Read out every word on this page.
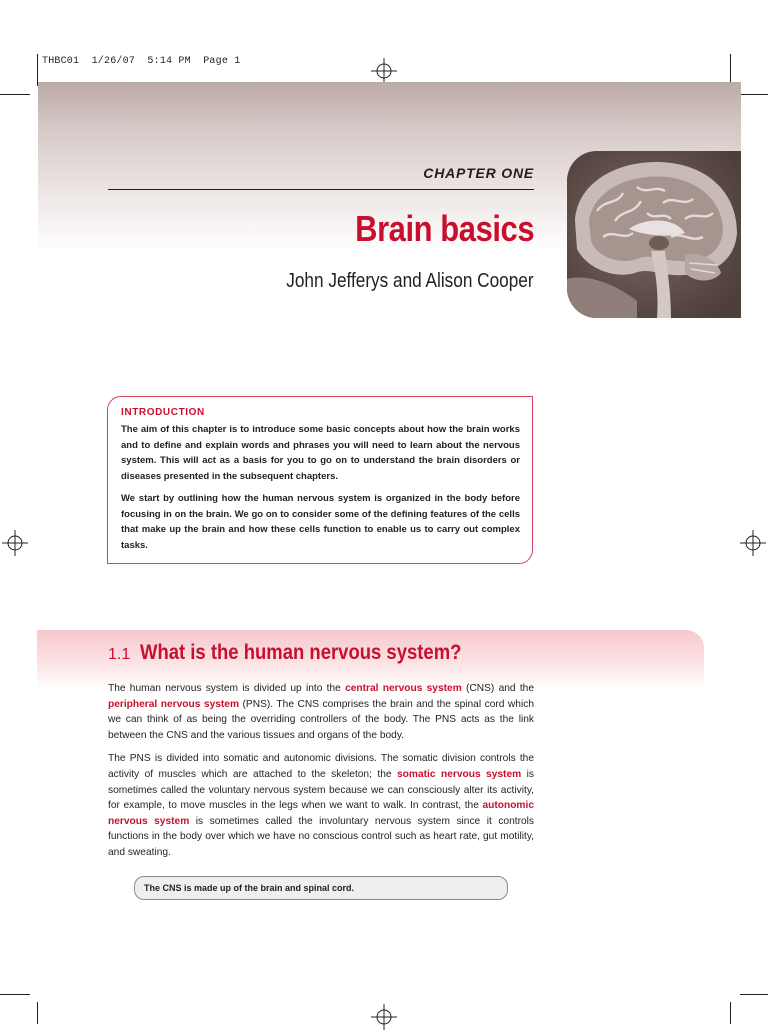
THBC01  1/26/07  5:14 PM  Page 1
CHAPTER ONE
Brain basics
John Jefferys and Alison Cooper
INTRODUCTION

The aim of this chapter is to introduce some basic concepts about how the brain works and to define and explain words and phrases you will need to learn about the nervous system. This will act as a basis for you to go on to understand the brain disorders or diseases presented in the subsequent chapters.

We start by outlining how the human nervous system is organized in the body before focusing in on the brain. We go on to consider some of the defining features of the cells that make up the brain and how these cells function to enable us to carry out complex tasks.

1.1 What is the human nervous system?

The human nervous system is divided up into the central nervous system (CNS) and the peripheral nervous system (PNS). The CNS comprises the brain and the spinal cord which we can think of as being the overriding controllers of the body. The PNS acts as the link between the CNS and the various tissues and organs of the body.

The PNS is divided into somatic and autonomic divisions. The somatic division controls the activity of muscles which are attached to the skeleton; the somatic nervous system is sometimes called the voluntary nervous system because we can consciously alter its activity, for example, to move muscles in the legs when we want to walk. In contrast, the autonomic nervous system is sometimes called the involuntary nervous system since it controls functions in the body over which we have no conscious control such as heart rate, gut motility, and sweating.

The CNS is made up of the brain and spinal cord.
